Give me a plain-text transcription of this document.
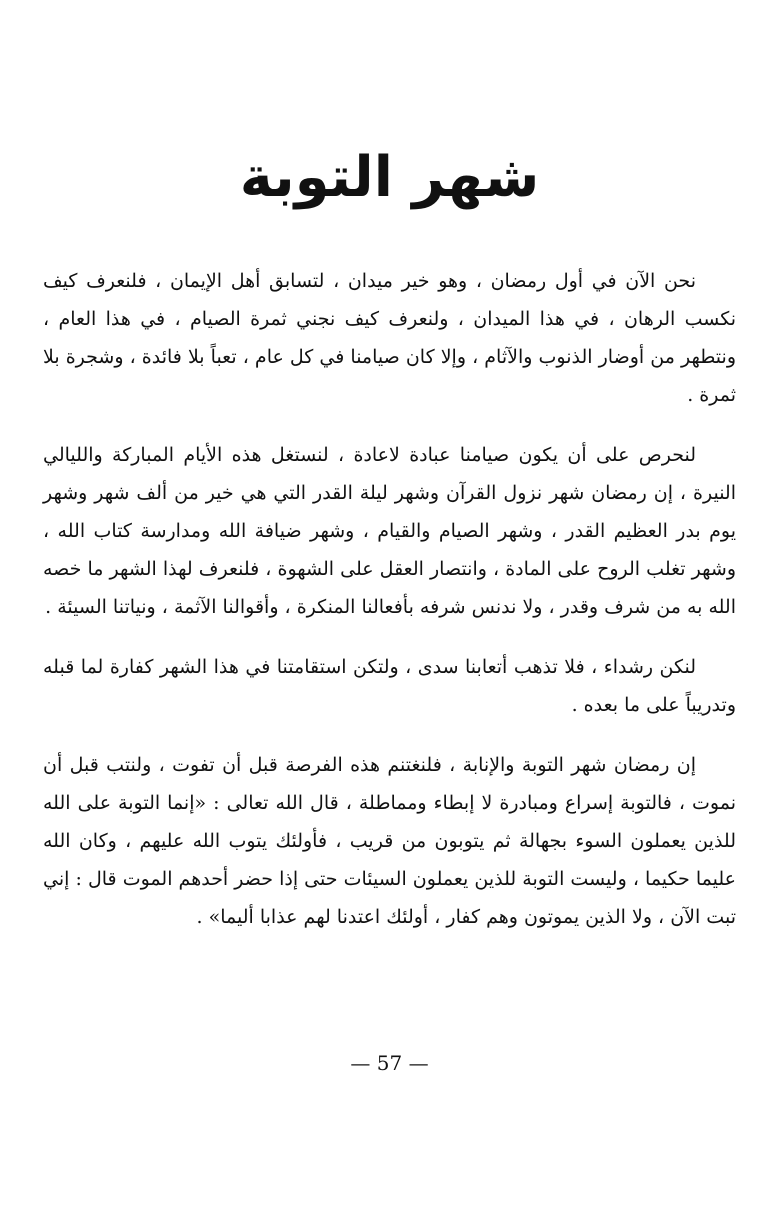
شهر التوبة

نحن الآن في أول رمضان ، وهو خير ميدان ، لتسابق أهل الإيمان ، فلنعرف كيف نكسب الرهان ، في هذا الميدان ، ولنعرف كيف نجني ثمرة الصيام ، في هذا العام ، ونتطهر من أوضار الذنوب والآثام ، وإلا كان صيامنا في كل عام ، تعباً بلا فائدة ، وشجرة بلا ثمرة .

لنحرص على أن يكون صيامنا عبادة لاعادة ، لنستغل هذه الأيام المباركة والليالي النيرة ، إن رمضان شهر نزول القرآن وشهر ليلة القدر التي هي خير من ألف شهر وشهر يوم بدر العظيم القدر ، وشهر الصيام والقيام ، وشهر ضيافة الله ومدارسة كتاب الله ، وشهر تغلب الروح على المادة ، وانتصار العقل على الشهوة ، فلنعرف لهذا الشهر ما خصه الله به من شرف وقدر ، ولا ندنس شرفه بأفعالنا المنكرة ، وأقوالنا الآثمة ، ونياتنا السيئة .

لنكن رشداء ، فلا تذهب أتعابنا سدى ، ولتكن استقامتنا في هذا الشهر كفارة لما قبله وتدريباً على ما بعده .

إن رمضان شهر التوبة والإنابة ، فلنغتنم هذه الفرصة قبل أن تفوت ، ولنتب قبل أن نموت ، فالتوبة إسراع ومبادرة لا إبطاء ومماطلة ، قال الله تعالى : «إنما التوبة على الله للذين يعملون السوء بجهالة ثم يتوبون من قريب ، فأولئك يتوب الله عليهم ، وكان الله عليما حكيما ، وليست التوبة للذين يعملون السيئات حتى إذا حضر أحدهم الموت قال : إني تبت الآن ، ولا الذين يموتون وهم كفار ، أولئك اعتدنا لهم عذابا أليما» .

— 57 —
